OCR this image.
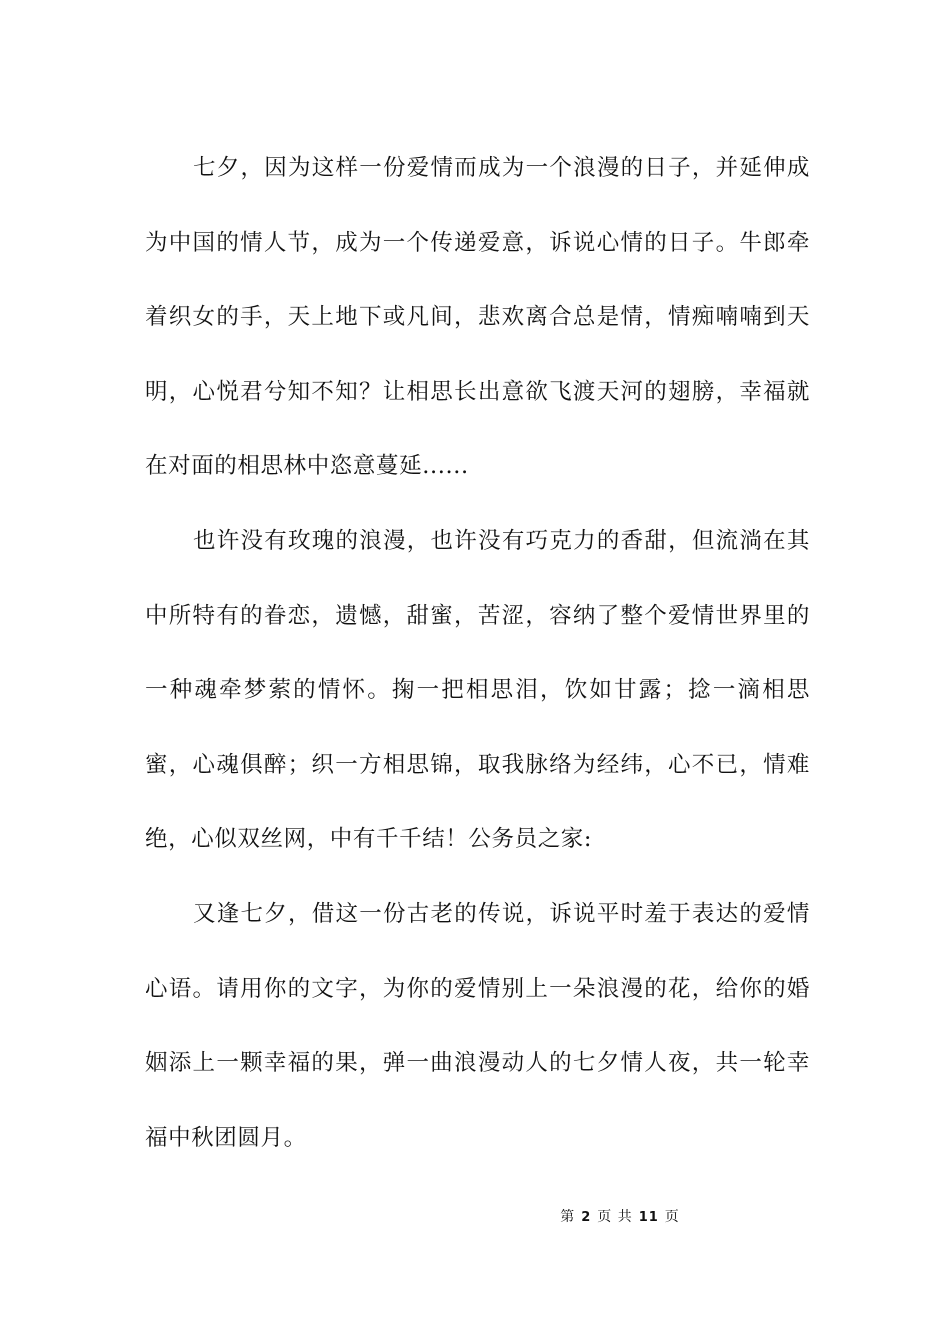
七夕，因为这样一份爱情而成为一个浪漫的日子，并延伸成为中国的情人节，成为一个传递爱意，诉说心情的日子。牛郎牵着织女的手，天上地下或凡间，悲欢离合总是情，情痴喃喃到天明，心悦君兮知不知？让相思长出意欲飞渡天河的翅膀，幸福就在对面的相思林中恣意蔓延......

也许没有玫瑰的浪漫，也许没有巧克力的香甜，但流淌在其中所特有的眷恋，遗憾，甜蜜，苦涩，容纳了整个爱情世界里的一种魂牵梦萦的情怀。掬一把相思泪，饮如甘露；捻一滴相思蜜，心魂俱醉；织一方相思锦，取我脉络为经纬，心不已，情难绝，心似双丝网，中有千千结！公务员之家:

又逢七夕，借这一份古老的传说，诉说平时羞于表达的爱情心语。请用你的文字，为你的爱情别上一朵浪漫的花，给你的婚姻添上一颗幸福的果，弹一曲浪漫动人的七夕情人夜，共一轮幸福中秋团圆月。

第 2 页 共 11 页
